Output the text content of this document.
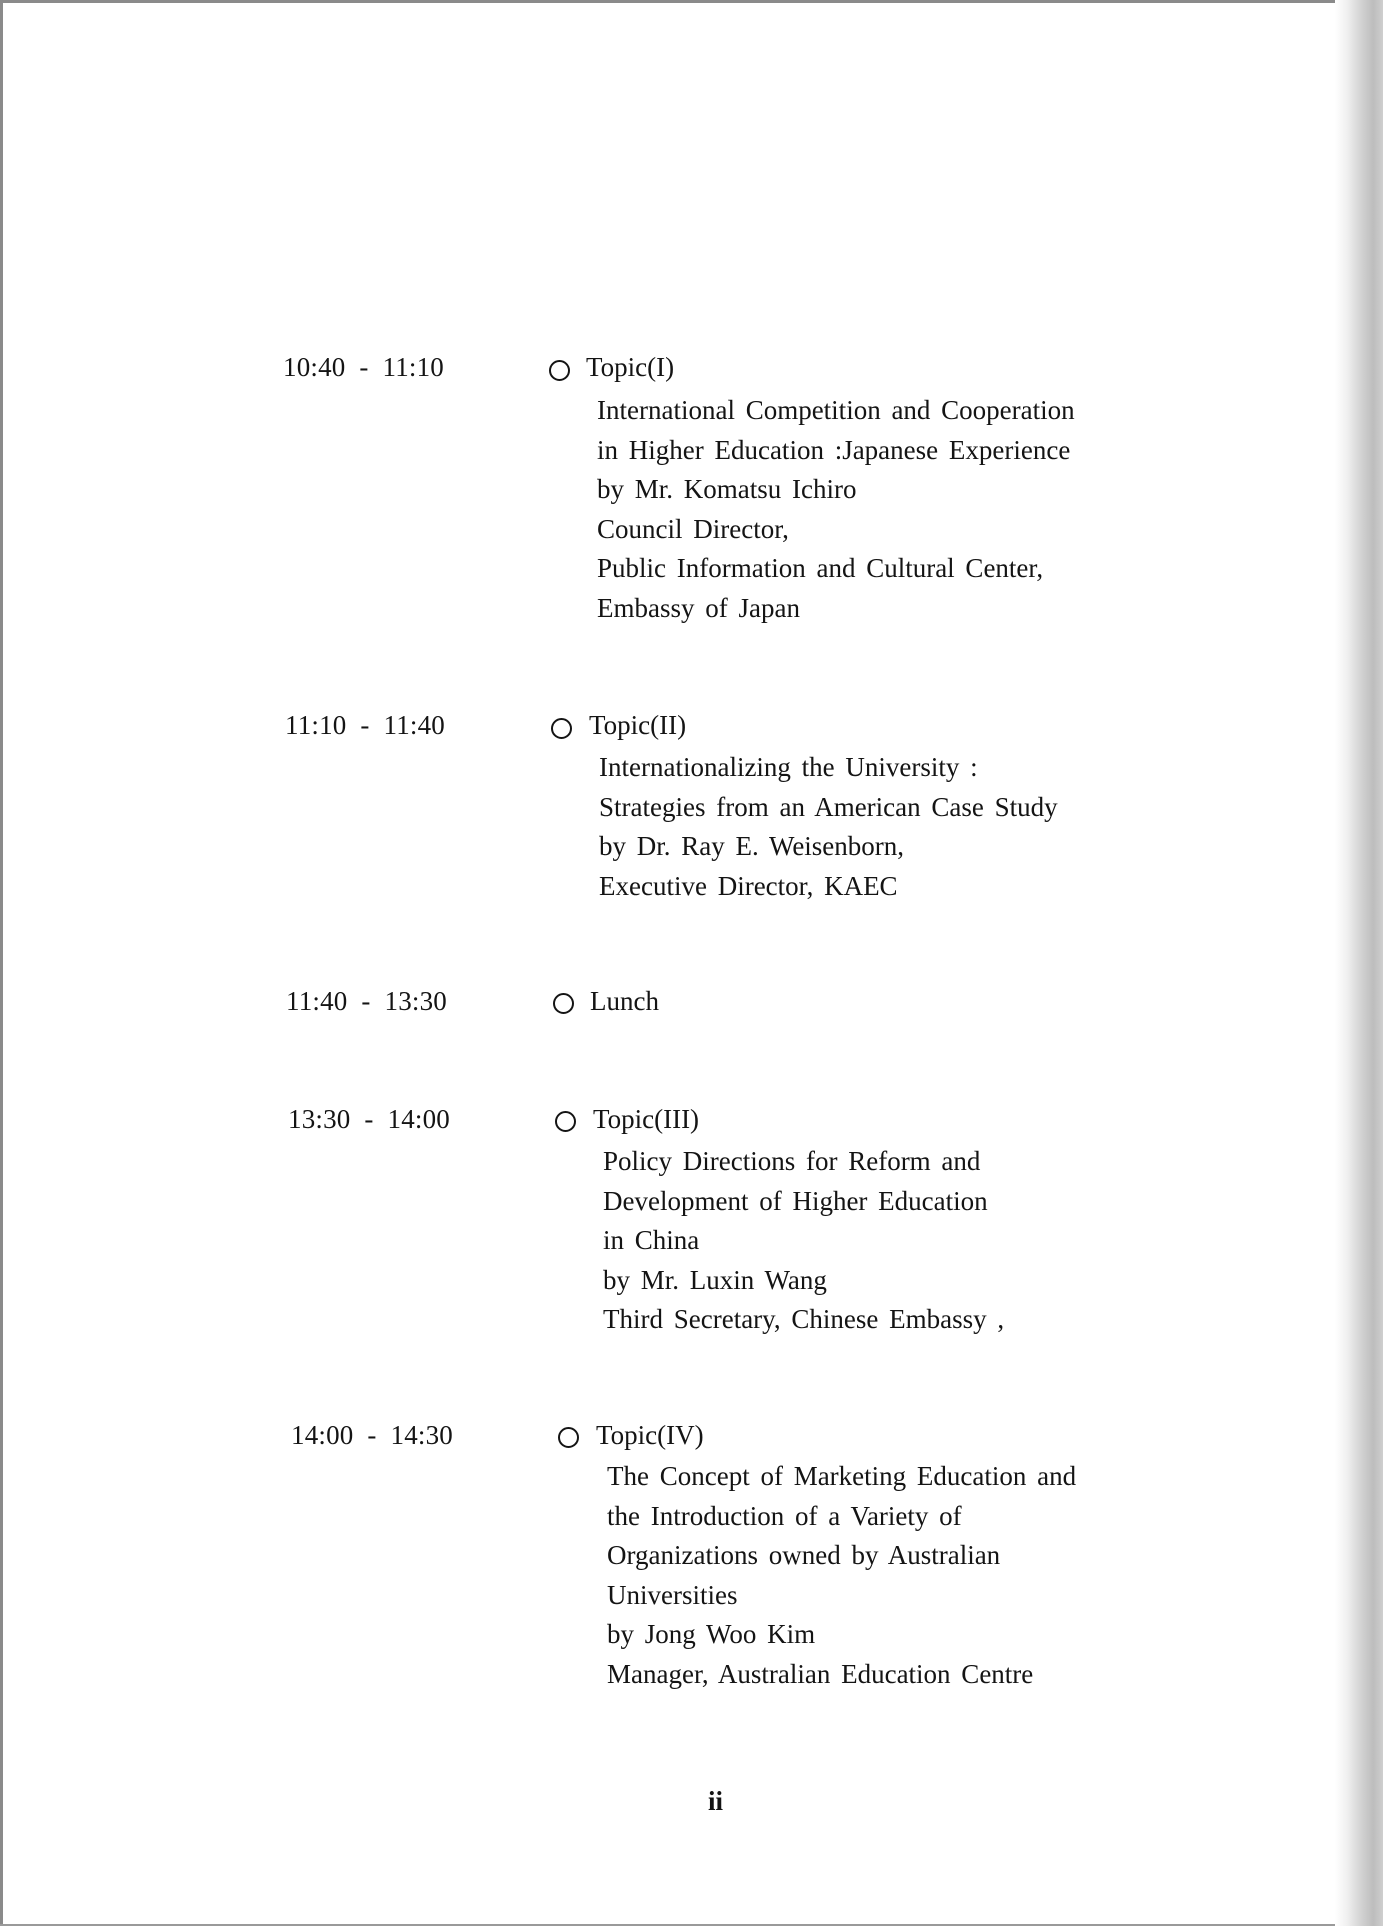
10:40  -  11:10	Topic(I)
International Competition and Cooperation
in Higher Education :Japanese Experience
by Mr. Komatsu Ichiro
Council Director,
Public Information and Cultural Center,
Embassy of Japan
11:10  -  11:40	Topic(II)
Internationalizing the University :
Strategies from an American Case Study
by Dr. Ray E. Weisenborn,
Executive Director, KAEC
11:40  -  13:30	Lunch
13:30  -  14:00	Topic(III)
Policy Directions for Reform and
Development of Higher Education
in China
by Mr. Luxin Wang
Third Secretary, Chinese Embassy ,
14:00  -  14:30	Topic(IV)
The Concept of Marketing Education and
the Introduction of a Variety of
Organizations owned by Australian
Universities
by Jong Woo Kim
Manager, Australian Education Centre
ii
